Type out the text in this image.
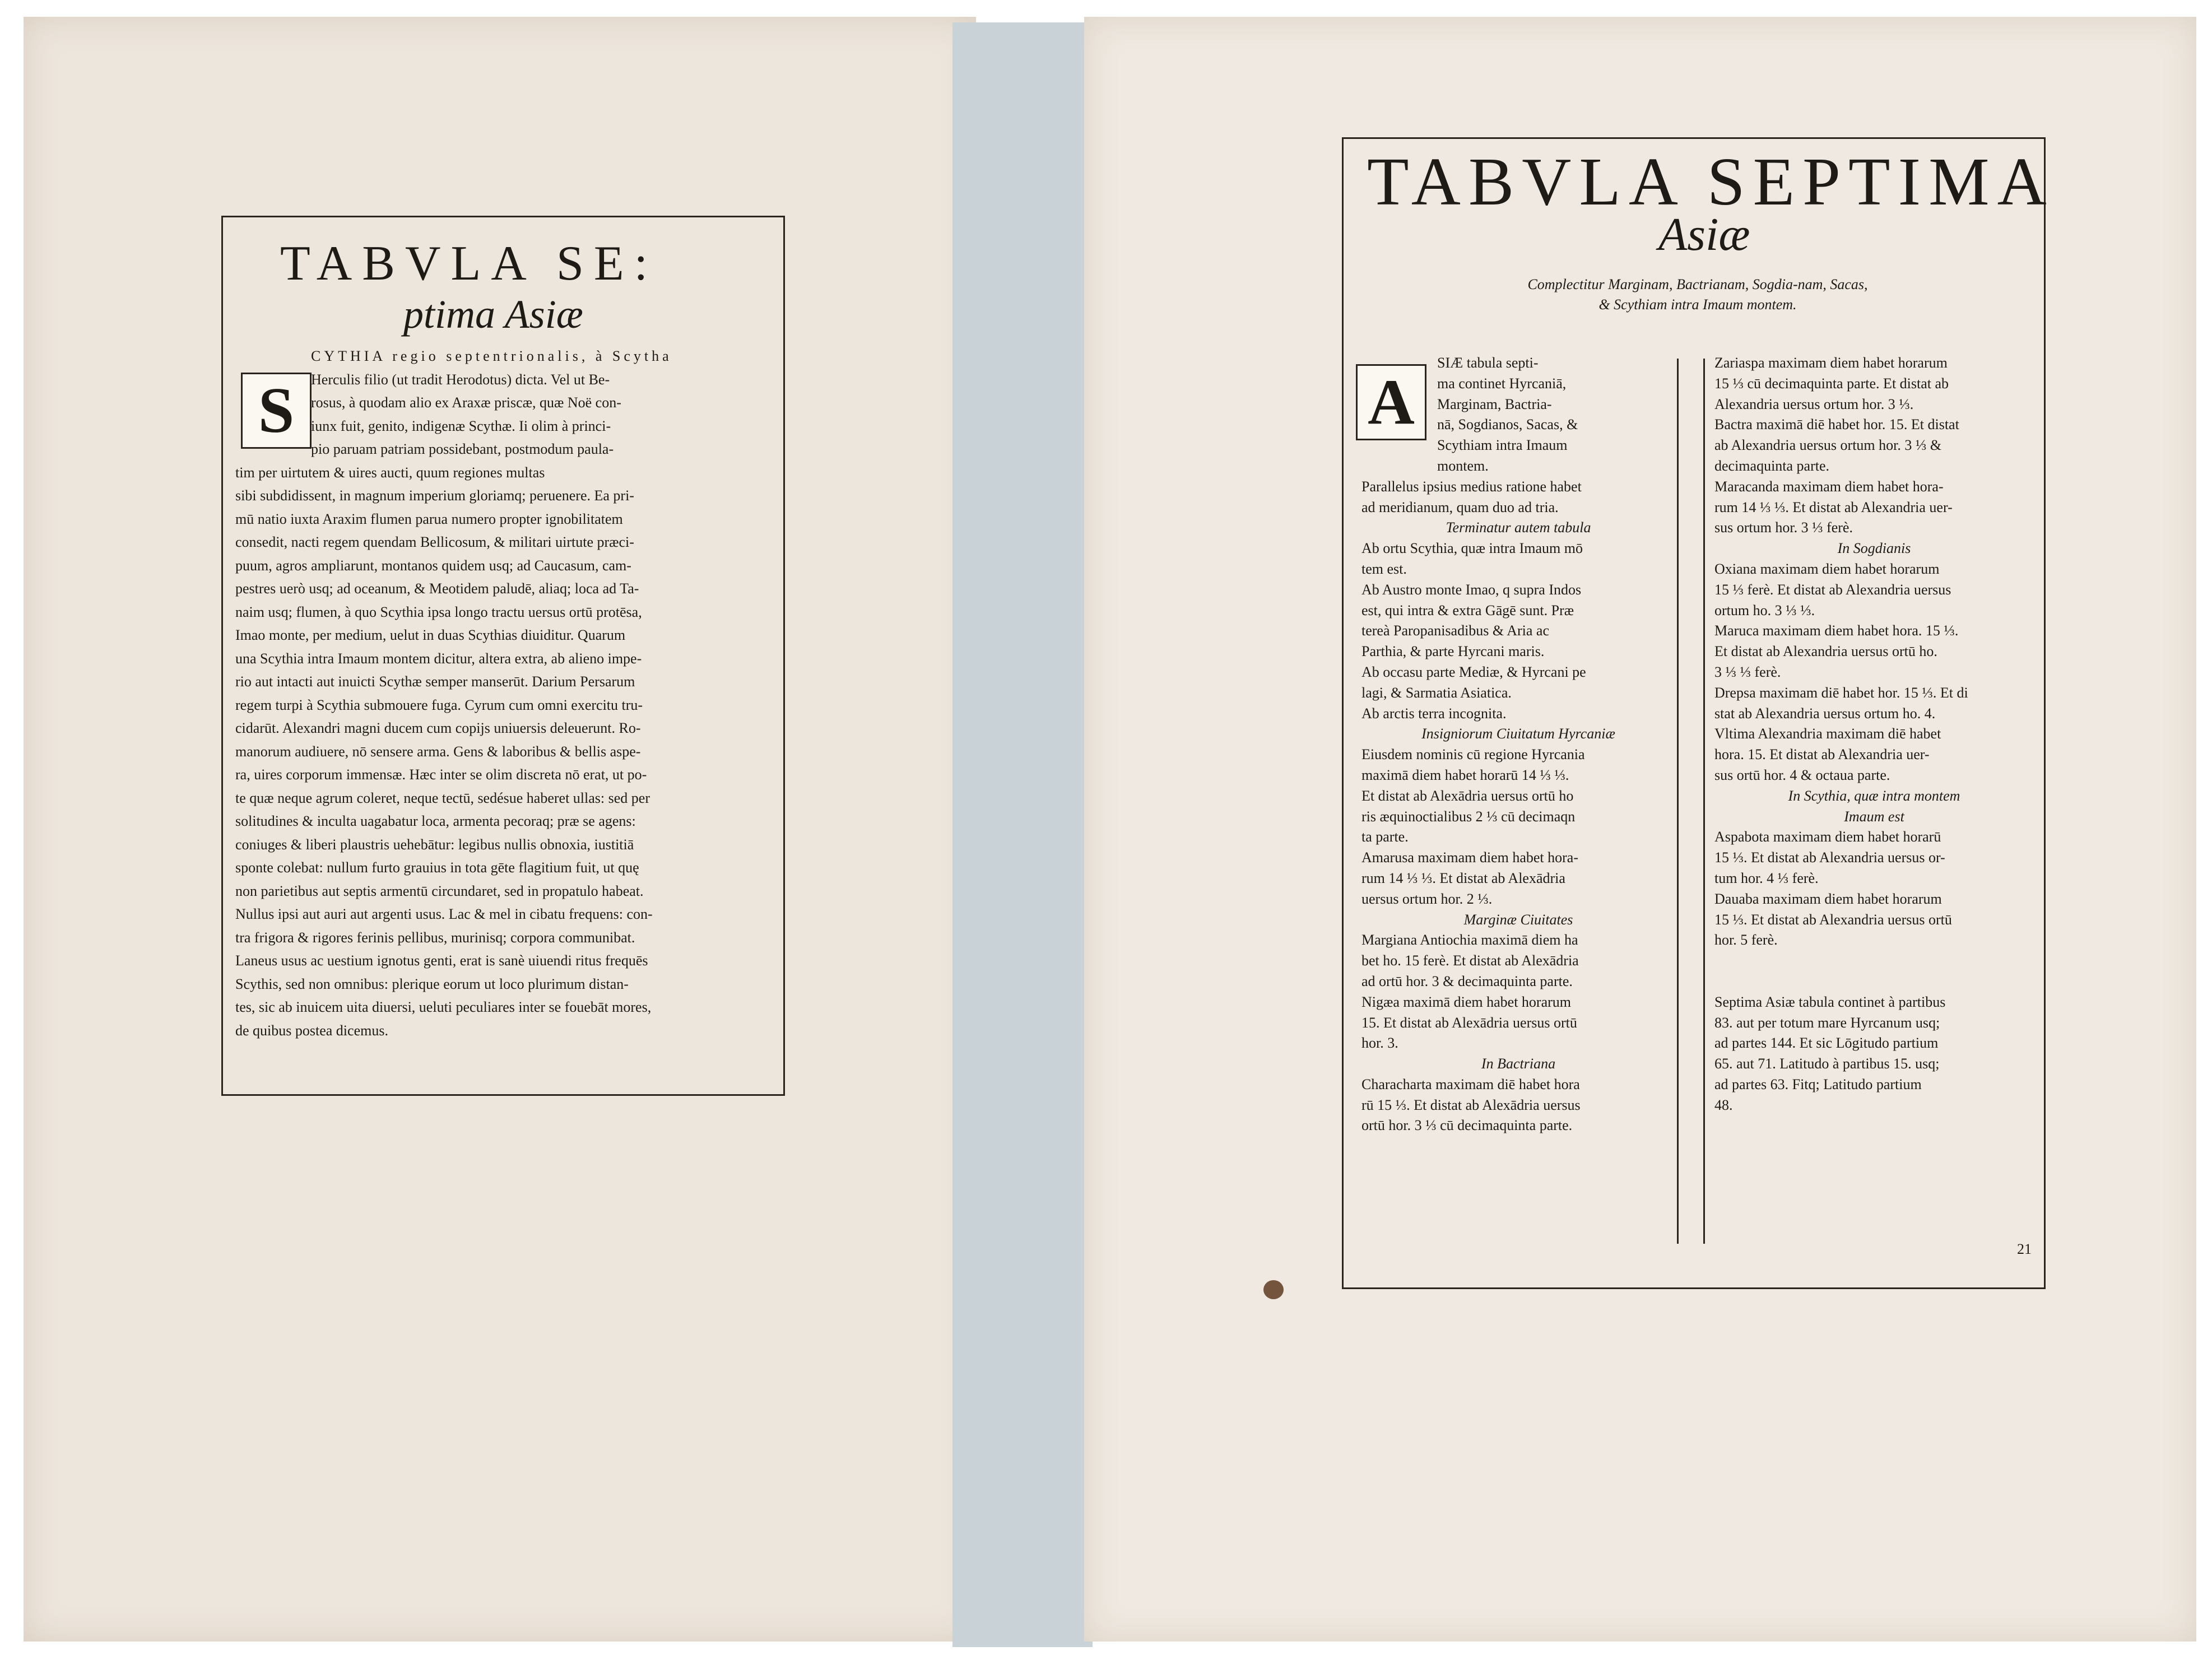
TABVLA SE:
ptima Asiæ
S
CYTHIA regio septentrionalis, à Scytha
Herculis filio (ut tradit Herodotus) dicta. Vel ut Be-
rosus, à quodam alio ex Araxæ priscæ, quæ Noë con-
iunx fuit, genito, indigenæ Scythæ. Ii olim à princi-
pio paruam patriam possidebant, postmodum paula-
tim per uirtutem & uires aucti, quum regiones multas
sibi subdidissent, in magnum imperium gloriamq; peruenere. Ea pri-
mū natio iuxta Araxim flumen parua numero propter ignobilitatem
consedit, nacti regem quendam Bellicosum, & militari uirtute præci-
puum, agros ampliarunt, montanos quidem usq; ad Caucasum, cam-
pestres uerò usq; ad oceanum, & Meotidem paludē, aliaq; loca ad Ta-
naim usq; flumen, à quo Scythia ipsa longo tractu uersus ortū protēsa,
Imao monte, per medium, uelut in duas Scythias diuiditur. Quarum
una Scythia intra Imaum montem dicitur, altera extra, ab alieno impe-
rio aut intacti aut inuicti Scythæ semper manserūt. Darium Persarum
regem turpi à Scythia submouere fuga. Cyrum cum omni exercitu tru-
cidarūt. Alexandri magni ducem cum copijs uniuersis deleuerunt. Ro-
manorum audiuere, nō sensere arma. Gens & laboribus & bellis aspe-
ra, uires corporum immensæ. Hæc inter se olim discreta nō erat, ut po-
te quæ neque agrum coleret, neque tectū, sedésue haberet ullas: sed per
solitudines & inculta uagabatur loca, armenta pecoraq; præ se agens:
coniuges & liberi plaustris uehebātur: legibus nullis obnoxia, iustitiā
sponte colebat: nullum furto grauius in tota gēte flagitium fuit, ut quę
non parietibus aut septis armentū circundaret, sed in propatulo habeat.
Nullus ipsi aut auri aut argenti usus. Lac & mel in cibatu frequens: con-
tra frigora & rigores ferinis pellibus, murinisq; corpora communibat.
Laneus usus ac uestium ignotus genti, erat is sanè uiuendi ritus frequēs
Scythis, sed non omnibus: plerique eorum ut loco plurimum distan-
tes, sic ab inuicem uita diuersi, ueluti peculiares inter se fouebāt mores,
de quibus postea dicemus.
TABVLA SEPTIMA
Asiæ
Complectitur Marginam, Bactrianam, Sogdia-nam, Sacas, & Scythiam intra Imaum montem.
A
SIÆ tabula septi-
ma continet Hyrcaniā,
Marginam, Bactria-
nā, Sogdianos, Sacas, &
Scythiam intra Imaum
montem.
Parallelus ipsius medius ratione habet
ad meridianum, quam duo ad tria.
Terminatur autem tabula
Ab ortu Scythia, quæ intra Imaum mō
tem est.
Ab Austro monte Imao, q supra Indos
est, qui intra & extra Gāgē sunt. Præ
tereà Paropanisadibus & Aria ac
Parthia, & parte Hyrcani maris.
Ab occasu parte Mediæ, & Hyrcani pe
lagi, & Sarmatia Asiatica.
Ab arctis terra incognita.
Insigniorum Ciuitatum Hyrcaniæ
Eiusdem nominis cū regione Hyrcania
maximā diem habet horarū 14 ⅓ ⅓.
Et distat ab Alexādria uersus ortū ho
ris æquinoctialibus 2 ⅓ cū decimaqn
ta parte.
Amarusa maximam diem habet hora-
rum 14 ⅓ ⅓. Et distat ab Alexādria
uersus ortum hor. 2 ⅓.
Marginæ Ciuitates
Margiana Antiochia maximā diem ha
bet ho. 15 ferè. Et distat ab Alexādria
ad ortū hor. 3 & decimaquinta parte.
Nigæa maximā diem habet horarum
15. Et distat ab Alexādria uersus ortū
hor. 3.
In Bactriana
Characharta maximam diē habet hora
rū 15 ⅓. Et distat ab Alexādria uersus
ortū hor. 3 ⅓ cū decimaquinta parte.
Zariaspa maximam diem habet horarum
15 ⅓ cū decimaquinta parte. Et distat ab
Alexandria uersus ortum hor. 3 ⅓.
Bactra maximā diē habet hor. 15. Et distat
ab Alexandria uersus ortum hor. 3 ⅓ &
decimaquinta parte.
Maracanda maximam diem habet hora-
rum 14 ⅓ ⅓. Et distat ab Alexandria uer-
sus ortum hor. 3 ⅓ ferè.
In Sogdianis
Oxiana maximam diem habet horarum
15 ⅓ ferè. Et distat ab Alexandria uersus
ortum ho. 3 ⅓ ⅓.
Maruca maximam diem habet hora. 15 ⅓.
Et distat ab Alexandria uersus ortū ho.
3 ⅓ ⅓ ferè.
Drepsa maximam diē habet hor. 15 ⅓. Et di
stat ab Alexandria uersus ortum ho. 4.
Vltima Alexandria maximam diē habet
hora. 15. Et distat ab Alexandria uer-
sus ortū hor. 4 & octaua parte.
In Scythia, quæ intra montem
Imaum est
Aspabota maximam diem habet horarū
15 ⅓. Et distat ab Alexandria uersus or-
tum hor. 4 ⅓ ferè.
Dauaba maximam diem habet horarum
15 ⅓. Et distat ab Alexandria uersus ortū
hor. 5 ferè.

Septima Asiæ tabula continet à partibus
83. aut per totum mare Hyrcanum usq;
ad partes 144. Et sic Lōgitudo partium
65. aut 71. Latitudo à partibus 15. usq;
ad partes 63. Fitq; Latitudo partium
48.
21
